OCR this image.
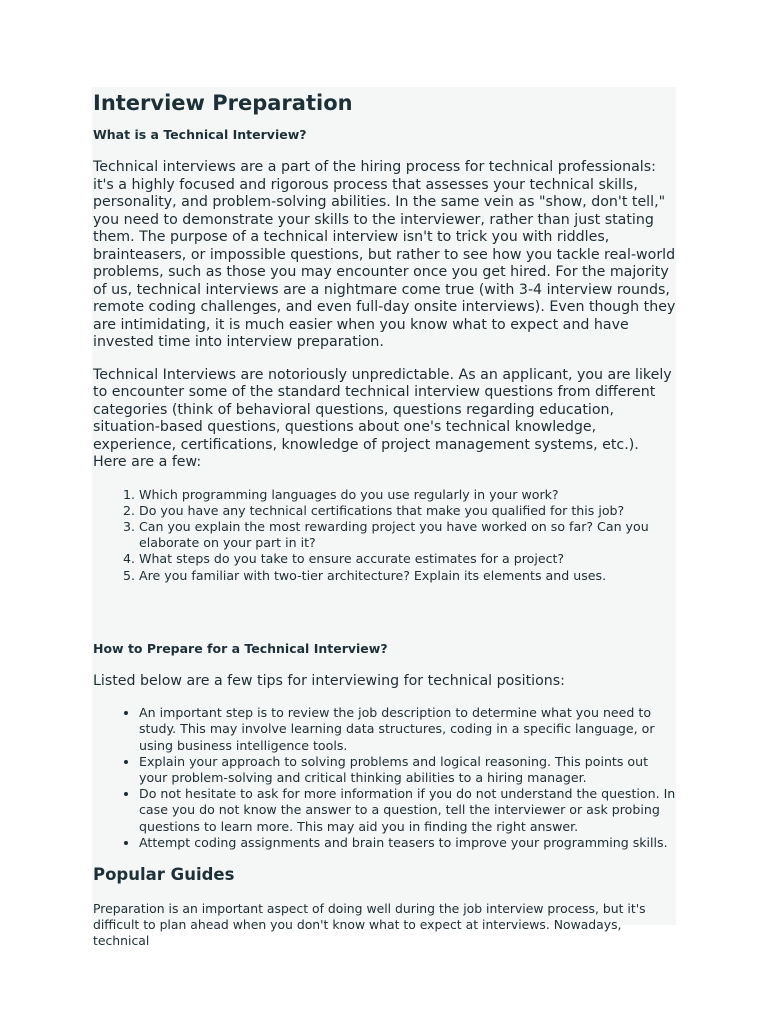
Interview Preparation
What is a Technical Interview?

Technical interviews are a part of the hiring process for technical professionals: it's a highly focused and rigorous process that assesses your technical skills, personality, and problem-solving abilities. In the same vein as "show, don't tell," you need to demonstrate your skills to the interviewer, rather than just stating them. The purpose of a technical interview isn't to trick you with riddles, brainteasers, or impossible questions, but rather to see how you tackle real-world problems, such as those you may encounter once you get hired. For the majority of us, technical interviews are a nightmare come true (with 3-4 interview rounds, remote coding challenges, and even full-day onsite interviews). Even though they are intimidating, it is much easier when you know what to expect and have invested time into interview preparation.

Technical Interviews are notoriously unpredictable. As an applicant, you are likely to encounter some of the standard technical interview questions from different categories (think of behavioral questions, questions regarding education, situation-based questions, questions about one's technical knowledge, experience, certifications, knowledge of project management systems, etc.). Here are a few:

1. Which programming languages do you use regularly in your work?
2. Do you have any technical certifications that make you qualified for this job?
3. Can you explain the most rewarding project you have worked on so far? Can you elaborate on your part in it?
4. What steps do you take to ensure accurate estimates for a project?
5. Are you familiar with two-tier architecture? Explain its elements and uses.
How to Prepare for a Technical Interview?

Listed below are a few tips for interviewing for technical positions:

• An important step is to review the job description to determine what you need to study. This may involve learning data structures, coding in a specific language, or using business intelligence tools.
• Explain your approach to solving problems and logical reasoning. This points out your problem-solving and critical thinking abilities to a hiring manager.
• Do not hesitate to ask for more information if you do not understand the question. In case you do not know the answer to a question, tell the interviewer or ask probing questions to learn more. This may aid you in finding the right answer.
• Attempt coding assignments and brain teasers to improve your programming skills.
Popular Guides

Preparation is an important aspect of doing well during the job interview process, but it's difficult to plan ahead when you don't know what to expect at interviews. Nowadays, technical
